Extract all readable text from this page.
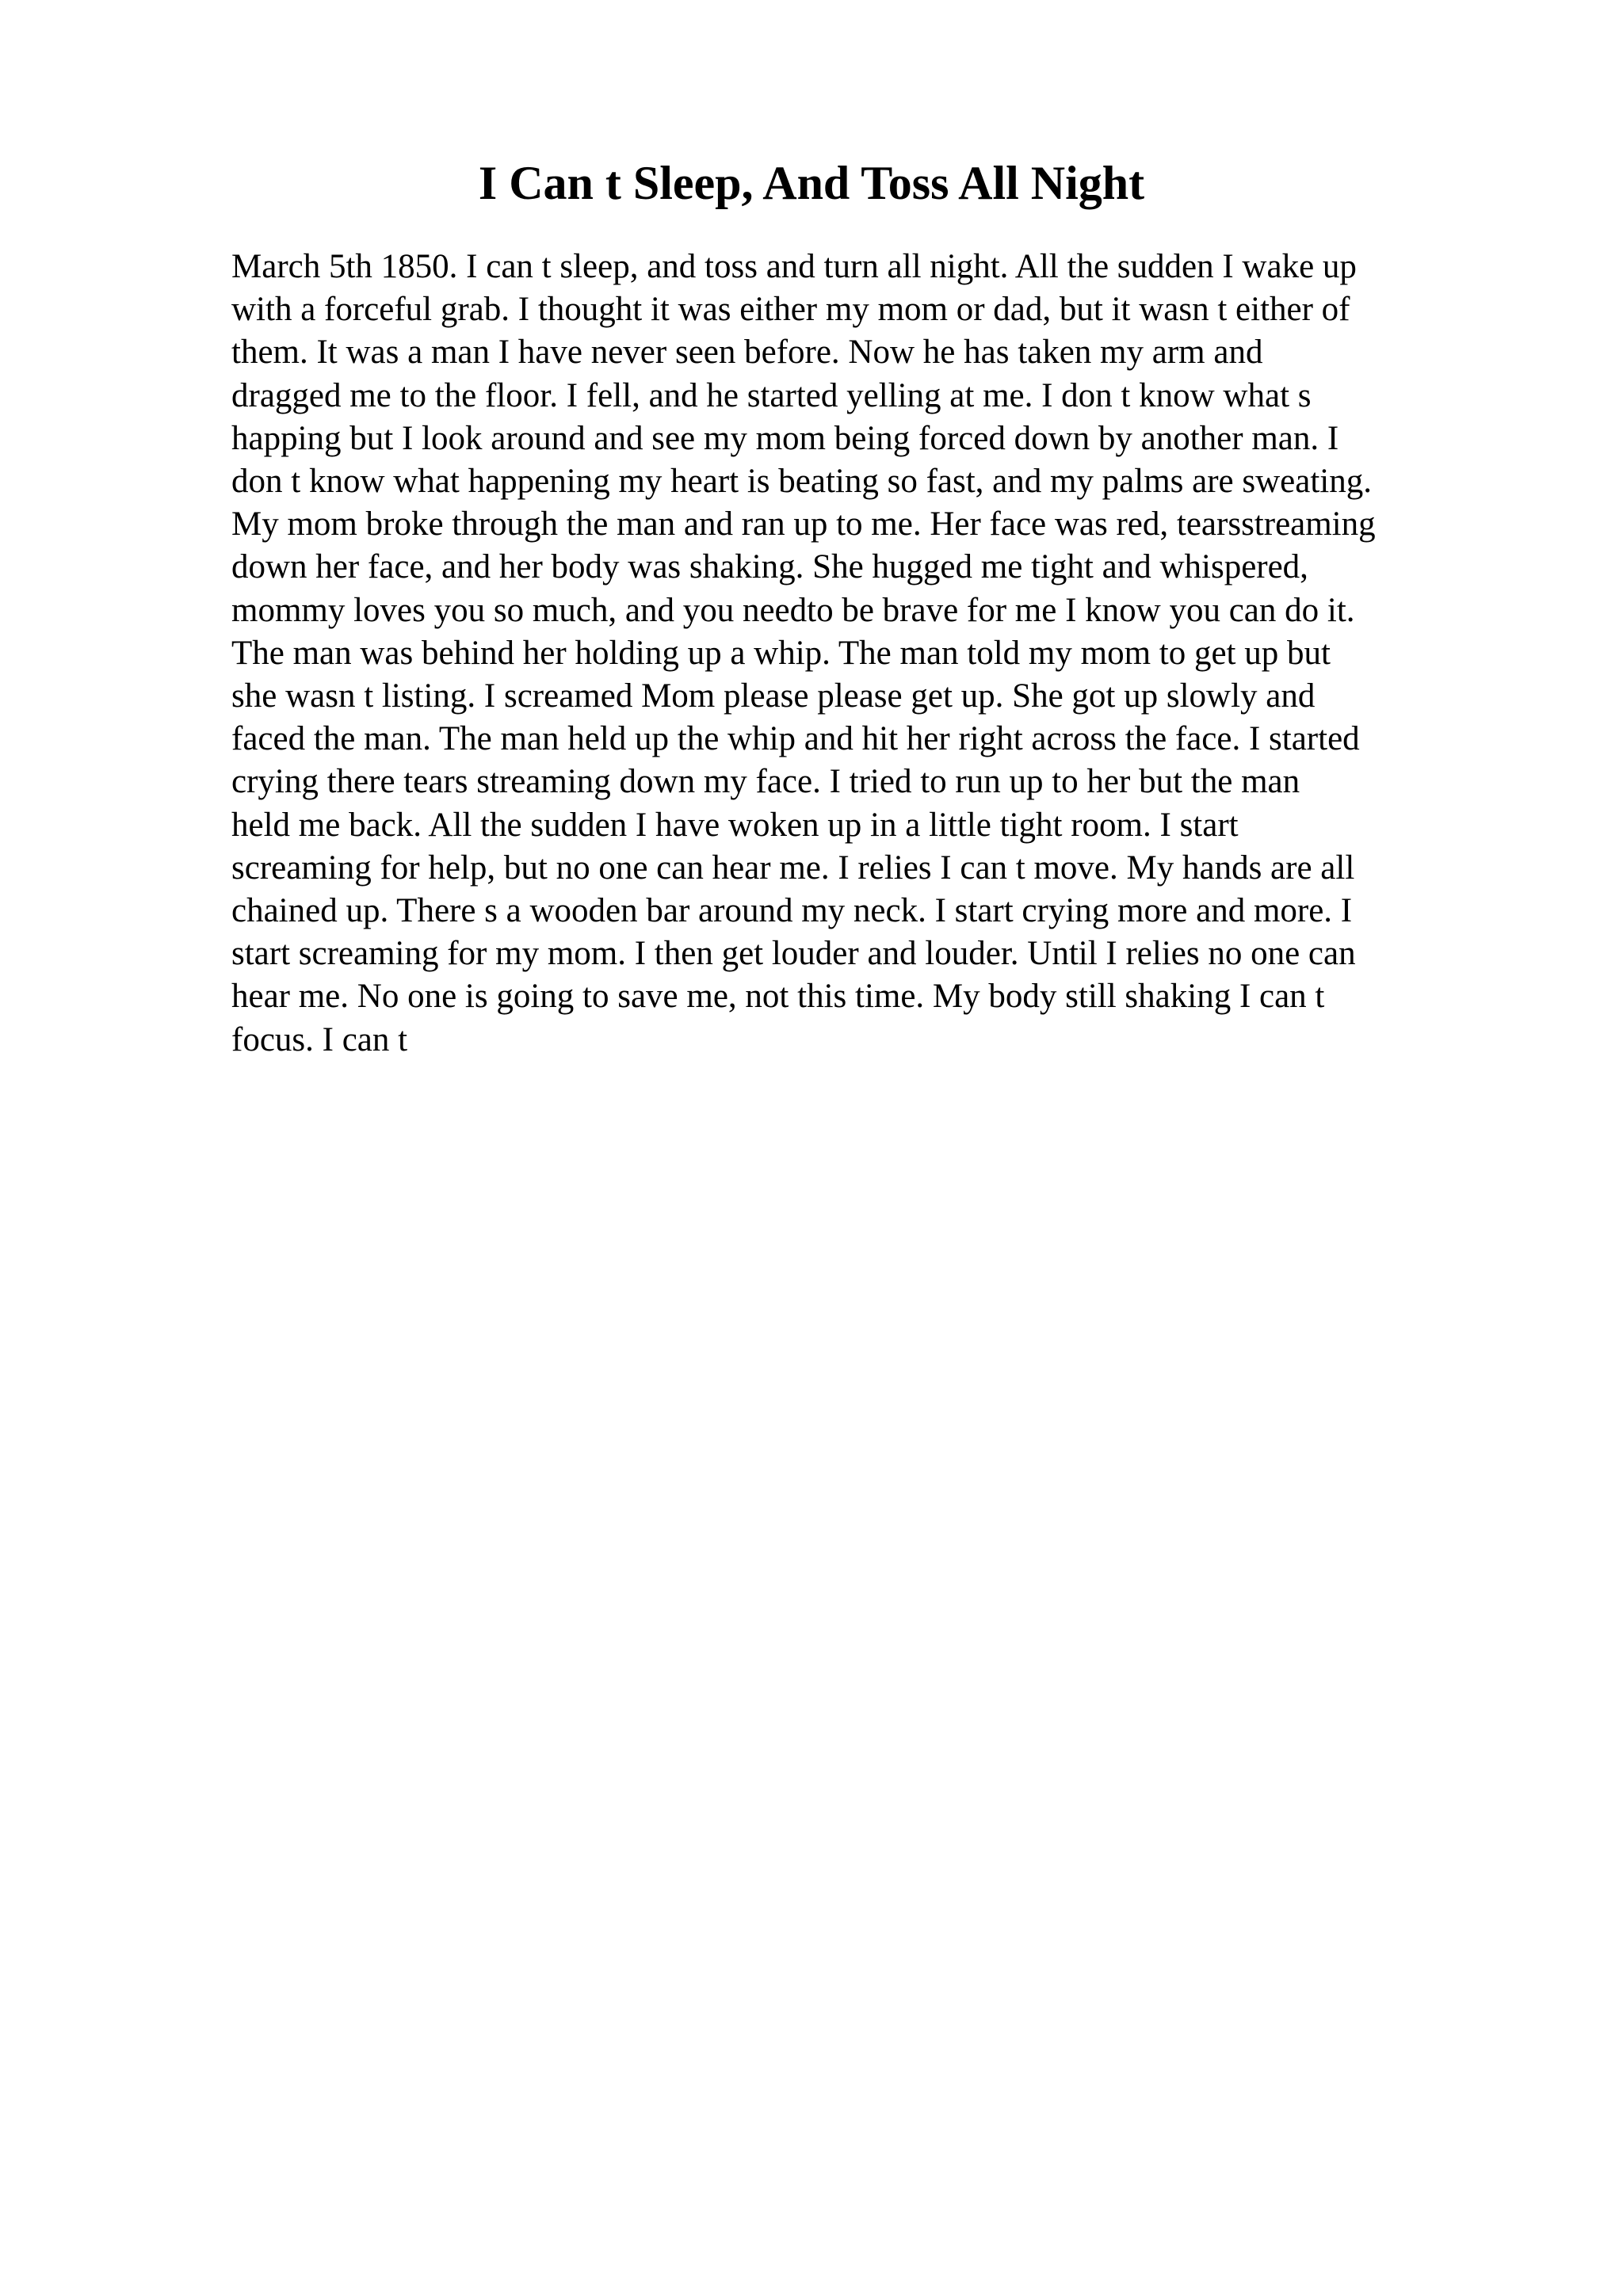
I Can t Sleep, And Toss All Night
March 5th 1850. I can t sleep, and toss and turn all night. All the sudden I wake up
with a forceful grab. I thought it was either my mom or dad, but it wasn t either of
them. It was a man I have never seen before. Now he has taken my arm and
dragged me to the floor. I fell, and he started yelling at me. I don t know what s
happing but I look around and see my mom being forced down by another man. I
don t know what happening my heart is beating so fast, and my palms are sweating.
My mom broke through the man and ran up to me. Her face was red, tearsstreaming
down her face, and her body was shaking. She hugged me tight and whispered,
mommy loves you so much, and you needto be brave for me I know you can do it.
The man was behind her holding up a whip. The man told my mom to get up but
she wasn t listing. I screamed Mom please please get up. She got up slowly and
faced the man. The man held up the whip and hit her right across the face. I started
crying there tears streaming down my face. I tried to run up to her but the man
held me back. All the sudden I have woken up in a little tight room. I start
screaming for help, but no one can hear me. I relies I can t move. My hands are all
chained up. There s a wooden bar around my neck. I start crying more and more. I
start screaming for my mom. I then get louder and louder. Until I relies no one can
hear me. No one is going to save me, not this time. My body still shaking I can t
focus. I can t
